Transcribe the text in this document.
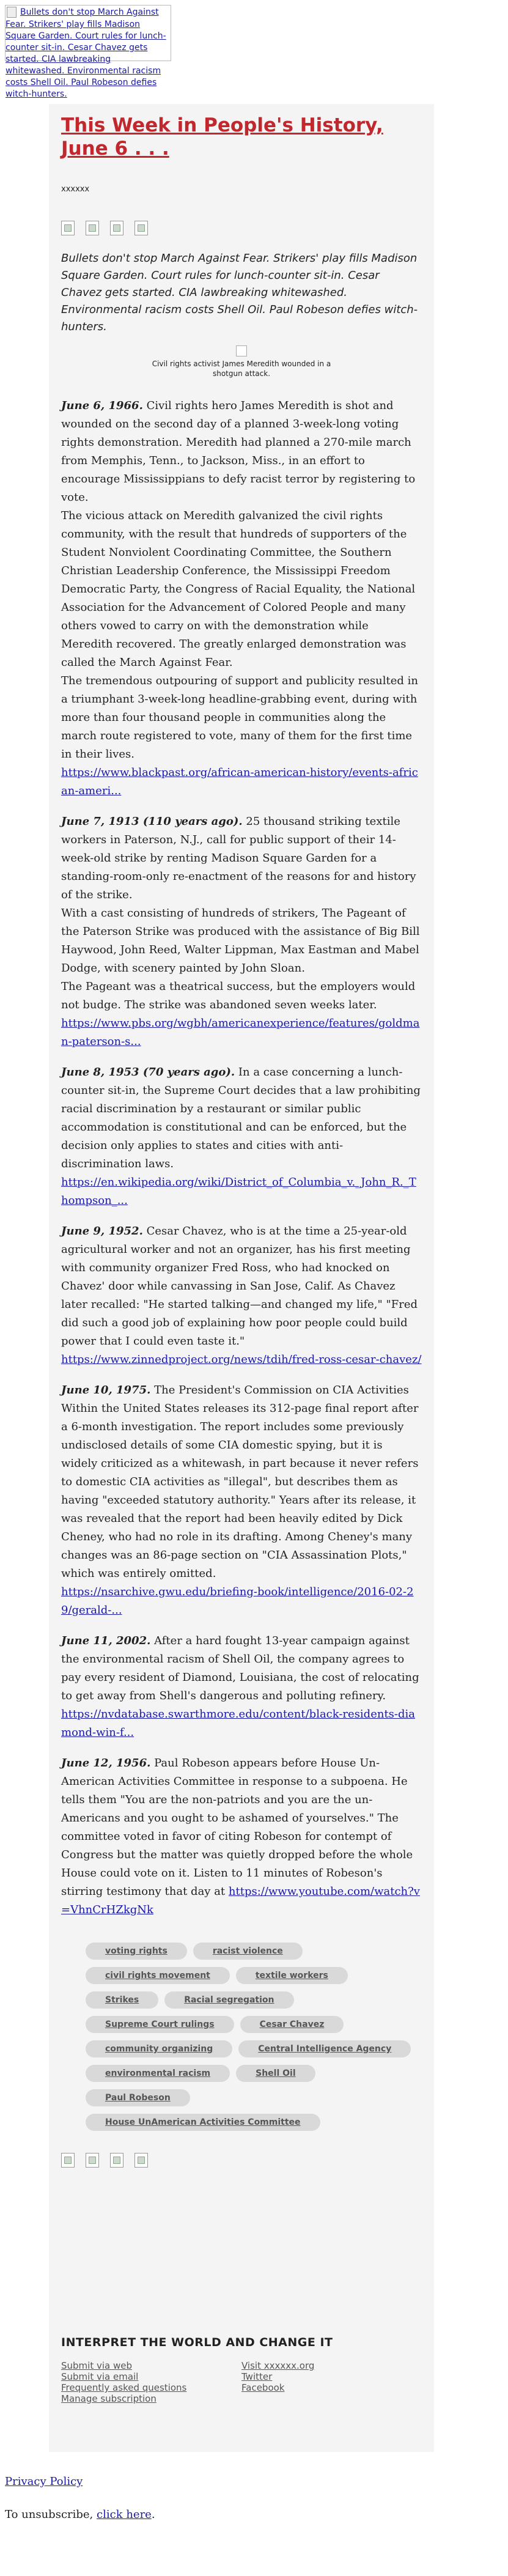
Bullets don't stop March Against Fear. Strikers' play fills Madison Square Garden. Court rules for lunch-counter sit-in. Cesar Chavez gets started. CIA lawbreaking whitewashed. Environmental racism costs Shell Oil. Paul Robeson defies witch-hunters.
This Week in People's History, June 6 . . .
xxxxxx
Bullets don't stop March Against Fear. Strikers' play fills Madison Square Garden. Court rules for lunch-counter sit-in. Cesar Chavez gets started. CIA lawbreaking whitewashed. Environmental racism costs Shell Oil. Paul Robeson defies witch-hunters.
Civil rights activist James Meredith wounded in a shotgun attack.

June 6, 1966. Civil rights hero James Meredith is shot and wounded on the second day of a planned 3-week-long voting rights demonstration. Meredith had planned a 270-mile march from Memphis, Tenn., to Jackson, Miss., in an effort to encourage Mississippians to defy racist terror by registering to vote.

The vicious attack on Meredith galvanized the civil rights community, with the result that hundreds of supporters of the Student Nonviolent Coordinating Committee, the Southern Christian Leadership Conference, the Mississippi Freedom Democratic Party, the Congress of Racial Equality, the National Association for the Advancement of Colored People and many others vowed to carry on with the demonstration while Meredith recovered. The greatly enlarged demonstration was called the March Against Fear.

The tremendous outpouring of support and publicity resulted in a triumphant 3-week-long headline-grabbing event, during with more than four thousand people in communities along the march route registered to vote, many of them for the first time in their lives.

https://www.blackpast.org/african-american-history/events-african-ameri...

June 7, 1913 (110 years ago). 25 thousand striking textile workers in Paterson, N.J., call for public support of their 14-week-old strike by renting Madison Square Garden for a standing-room-only re-enactment of the reasons for and history of the strike.

With a cast consisting of hundreds of strikers, The Pageant of the Paterson Strike was produced with the assistance of Big Bill Haywood, John Reed, Walter Lippman, Max Eastman and Mabel Dodge, with scenery painted by John Sloan.

The Pageant was a theatrical success, but the employers would not budge. The strike was abandoned seven weeks later.

https://www.pbs.org/wgbh/americanexperience/features/goldman-paterson-s...

June 8, 1953 (70 years ago). In a case concerning a lunch-counter sit-in, the Supreme Court decides that a law prohibiting racial discrimination by a restaurant or similar public accommodation is constitutional and can be enforced, but the decision only applies to states and cities with anti-discrimination laws.

https://en.wikipedia.org/wiki/District_of_Columbia_v._John_R._Thompson_...

June 9, 1952. Cesar Chavez, who is at the time a 25-year-old agricultural worker and not an organizer, has his first meeting with community organizer Fred Ross, who had knocked on Chavez' door while canvassing in San Jose, Calif. As Chavez later recalled: "He started talking—and changed my life," "Fred did such a good job of explaining how poor people could build power that I could even taste it."

https://www.zinnedproject.org/news/tdih/fred-ross-cesar-chavez/

June 10, 1975. The President's Commission on CIA Activities Within the United States releases its 312-page final report after a 6-month investigation. The report includes some previously undisclosed details of some CIA domestic spying, but it is widely criticized as a whitewash, in part because it never refers to domestic CIA activities as "illegal", but describes them as having "exceeded statutory authority." Years after its release, it was revealed that the report had been heavily edited by Dick Cheney, who had no role in its drafting. Among Cheney's many changes was an 86-page section on "CIA Assassination Plots," which was entirely omitted.

https://nsarchive.gwu.edu/briefing-book/intelligence/2016-02-29/gerald-...

June 11, 2002. After a hard fought 13-year campaign against the environmental racism of Shell Oil, the company agrees to pay every resident of Diamond, Louisiana, the cost of relocating to get away from Shell's dangerous and polluting refinery.

https://nvdatabase.swarthmore.edu/content/black-residents-diamond-win-f...

June 12, 1956. Paul Robeson appears before House Un-American Activities Committee in response to a subpoena. He tells them "You are the non-patriots and you are the un-Americans and you ought to be ashamed of yourselves." The committee voted in favor of citing Robeson for contempt of Congress but the matter was quietly dropped before the whole House could vote on it. Listen to 11 minutes of Robeson's stirring testimony that day at https://www.youtube.com/watch?v=VhnCrHZkgNk

voting rights	racist violencecivil rights movement	textile workersStrikes	Racial segregationSupreme Court rulings	Cesar Chavezcommunity organizing	Central Intelligence Agencyenvironmental racism	Shell OilPaul RobesonHouse UnAmerican Activities Committee
INTERPRET THE WORLD AND CHANGE IT
Submit via web
Submit via email
Frequently asked questions
Manage subscription
Visit xxxxxx.org
Twitter
Facebook
Privacy Policy
To unsubscribe, click here.
